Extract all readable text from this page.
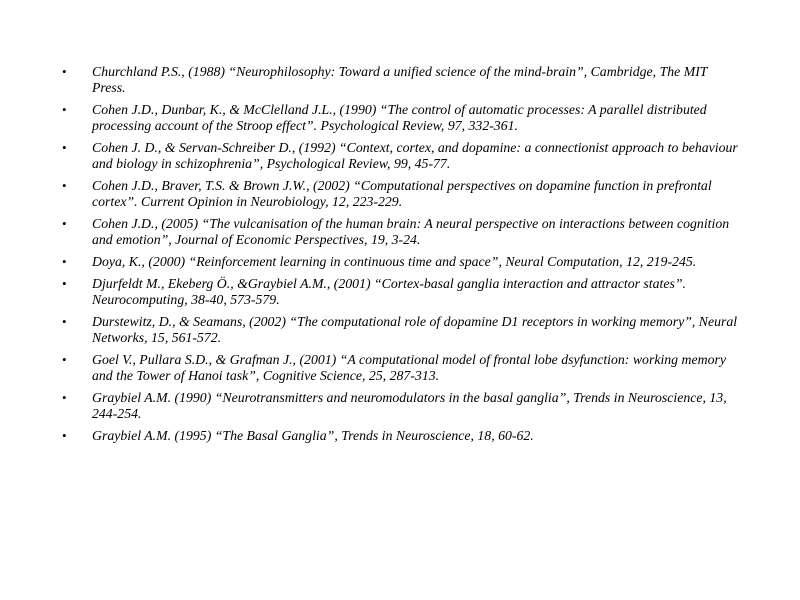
• Churchland P.S., (1988) “Neurophilosophy: Toward a unified science of the mind-brain”, Cambridge, The MIT Press.
• Cohen J.D., Dunbar, K., & McClelland J.L., (1990) “The control of automatic processes: A parallel distributed processing account of the Stroop effect”. Psychological Review, 97, 332-361.
• Cohen J. D., & Servan-Schreiber D., (1992) “Context, cortex, and dopamine: a connectionist approach to behaviour and biology in schizophrenia”, Psychological Review, 99, 45-77.
• Cohen J.D., Braver, T.S. & Brown J.W., (2002) “Computational perspectives on dopamine function in prefrontal cortex”. Current Opinion in Neurobiology, 12, 223-229.
• Cohen J.D., (2005) “The vulcanisation of the human brain: A neural perspective on interactions between cognition and emotion”, Journal of Economic Perspectives, 19, 3-24.
• Doya, K., (2000) “Reinforcement learning in continuous time and space”, Neural Computation, 12, 219-245.
• Djurfeldt M., Ekeberg Ö., &Graybiel A.M., (2001) “Cortex-basal ganglia interaction and attractor states”. Neurocomputing, 38-40, 573-579.
• Durstewitz, D., & Seamans, (2002) “The computational role of dopamine D1 receptors in working memory”, Neural Networks, 15, 561-572.
• Goel V., Pullara S.D., & Grafman J., (2001) “A computational model of frontal lobe dsyfunction: working memory and the Tower of Hanoi task”, Cognitive Science, 25, 287-313.
• Graybiel A.M. (1990) “Neurotransmitters and neuromodulators in the basal ganglia”, Trends in Neuroscience, 13, 244-254.
• Graybiel A.M. (1995) “The Basal Ganglia”, Trends in Neuroscience, 18, 60-62.
